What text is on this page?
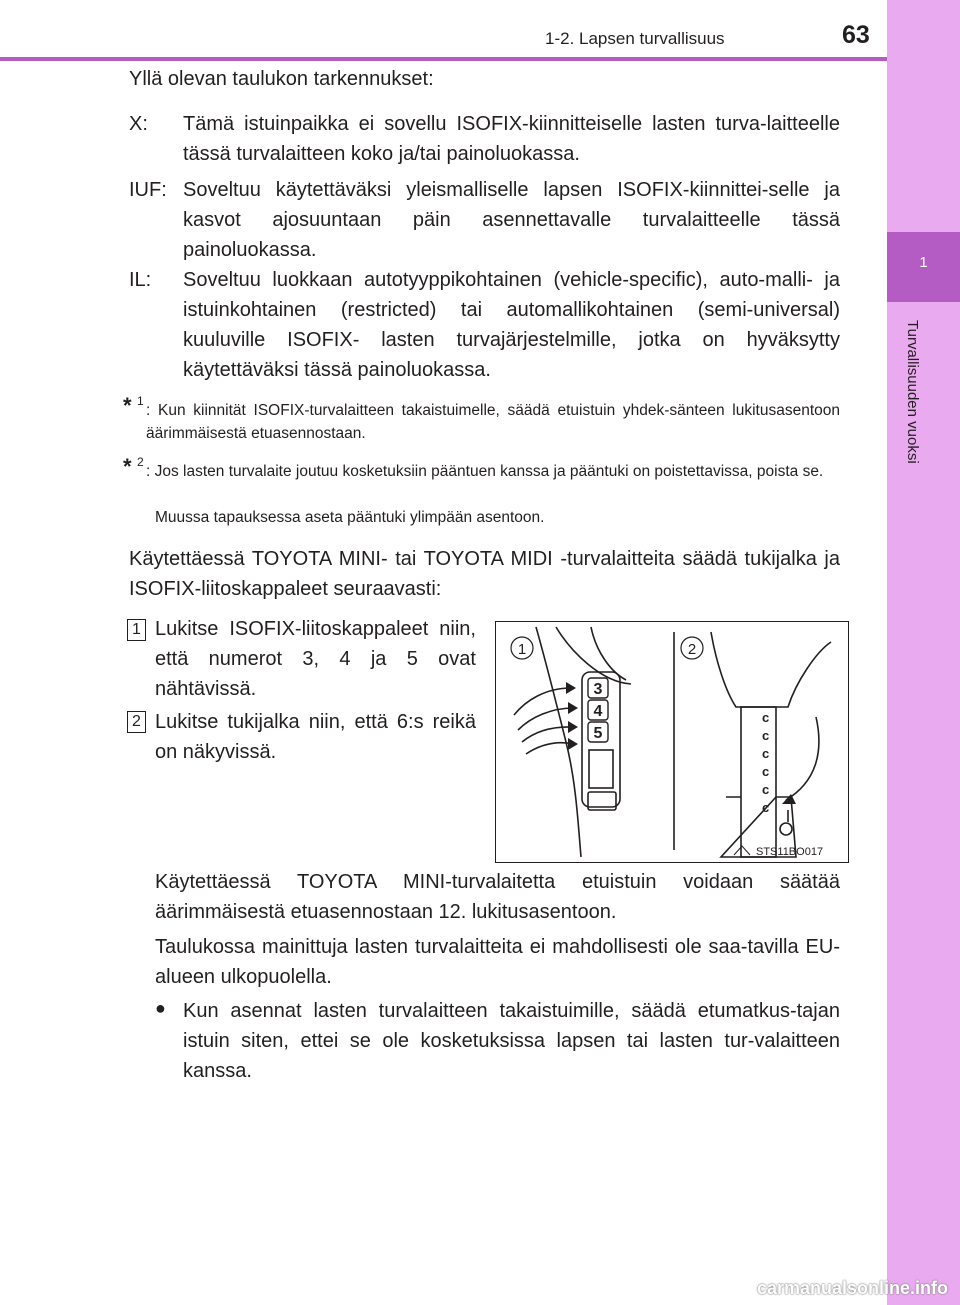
1
Turvallisuuden vuoksi
1-2. Lapsen turvallisuus	63
Yllä olevan taulukon tarkennukset:
X: Tämä istuinpaikka ei sovellu ISOFIX-kiinnitteiselle lasten turva-laitteelle tässä turvalaitteen koko ja/tai painoluokassa.
IUF: Soveltuu käytettäväksi yleismalliselle lapsen ISOFIX-kiinnittei-selle ja kasvot ajosuuntaan päin asennettavalle turvalaitteelle tässä painoluokassa.
IL: Soveltuu luokkaan autotyyppikohtainen (vehicle-specific), auto-malli- ja istuinkohtainen (restricted) tai automallikohtainen (semi-universal) kuuluville ISOFIX- lasten turvajärjestelmille, jotka on hyväksytty käytettäväksi tässä painoluokassa.
* 1
: Kun kiinnität ISOFIX-turvalaitteen takaistuimelle, säädä etuistuin yhdek-sänteen lukitusasentoon äärimmäisestä etuasennostaan.
* 2
: Jos lasten turvalaite joutuu kosketuksiin pääntuen kanssa ja pääntuki on poistettavissa, poista se.
Muussa tapauksessa aseta pääntuki ylimpään asentoon.
Käytettäessä TOYOTA MINI- tai TOYOTA MIDI -turvalaitteita säädä tukijalka ja ISOFIX-liitoskappaleet seuraavasti:
1 Lukitse ISOFIX-liitoskappaleet niin, että numerot 3, 4 ja 5 ovat nähtävissä.
2 Lukitse tukijalka niin, että 6:s reikä on näkyvissä.
3
4
5
c
c
c
c
c
c
1	2
STS11BO017
Käytettäessä TOYOTA MINI-turvalaitetta etuistuin voidaan säätää äärimmäisestä etuasennostaan 12. lukitusasentoon.
Taulukossa mainittuja lasten turvalaitteita ei mahdollisesti ole saa-tavilla EU-alueen ulkopuolella.
● Kun asennat lasten turvalaitteen takaistuimille, säädä etumatkus-tajan istuin siten, ettei se ole kosketuksissa lapsen tai lasten tur-valaitteen kanssa.
carmanualsonline.info
